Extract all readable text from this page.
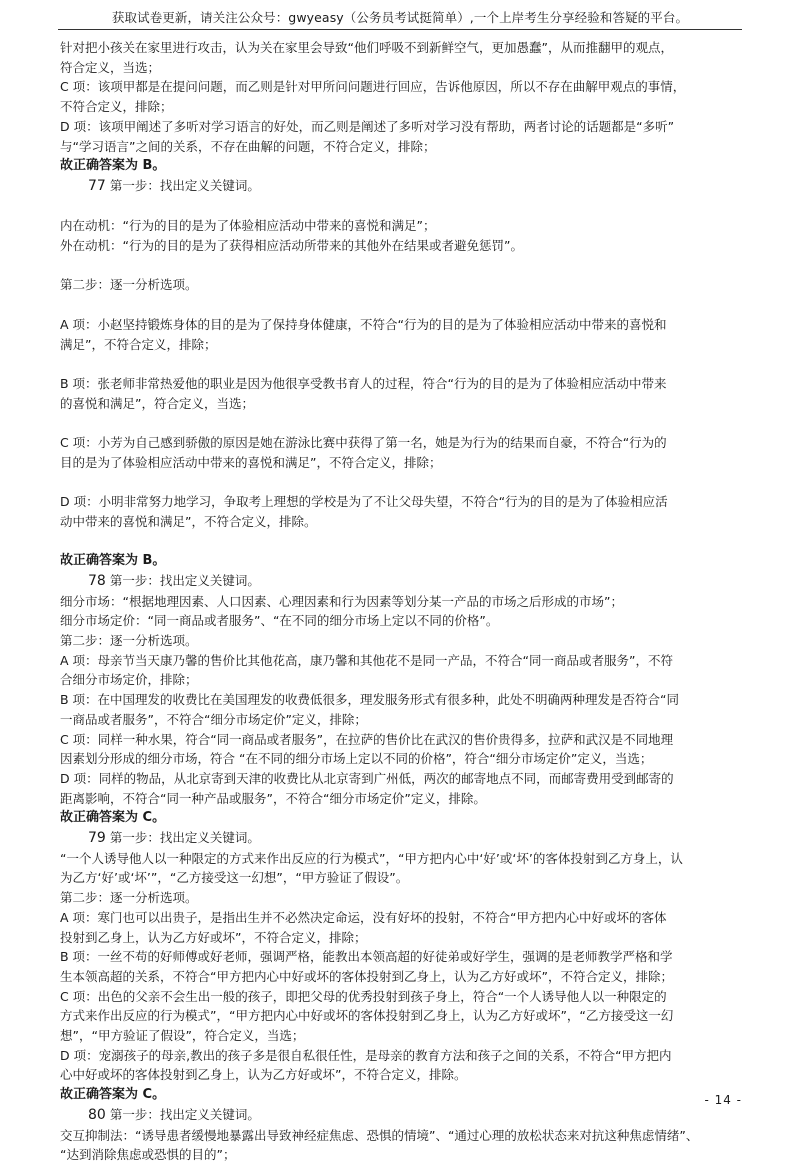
获取试卷更新，请关注公众号：gwyeasy（公务员考试挺简单）,一个上岸考生分享经验和答疑的平台。

针对把小孩关在家里进行攻击，认为关在家里会导致“他们呼吸不到新鲜空气，更加愚蠢”，从而推翻甲的观点，

符合定义，当选；

C 项：该项甲都是在提问问题，而乙则是针对甲所问问题进行回应，告诉他原因，所以不存在曲解甲观点的事情，

不符合定义，排除；

D 项：该项甲阐述了多听对学习语言的好处，而乙则是阐述了多听对学习没有帮助，两者讨论的话题都是“多听”

与“学习语言”之间的关系，不存在曲解的问题，不符合定义，排除；

故正确答案为 B。

77 第一步：找出定义关键词。

内在动机：“行为的目的是为了体验相应活动中带来的喜悦和满足”；

外在动机：“行为的目的是为了获得相应活动所带来的其他外在结果或者避免惩罚”。

第二步：逐一分析选项。

A 项：小赵坚持锻炼身体的目的是为了保持身体健康，不符合“行为的目的是为了体验相应活动中带来的喜悦和

满足”，不符合定义，排除；

B 项：张老师非常热爱他的职业是因为他很享受教书育人的过程，符合“行为的目的是为了体验相应活动中带来

的喜悦和满足”，符合定义，当选；

C 项：小芳为自己感到骄傲的原因是她在游泳比赛中获得了第一名，她是为行为的结果而自豪，不符合“行为的

目的是为了体验相应活动中带来的喜悦和满足”，不符合定义，排除；

D 项：小明非常努力地学习，争取考上理想的学校是为了不让父母失望，不符合“行为的目的是为了体验相应活

动中带来的喜悦和满足”，不符合定义，排除。

故正确答案为 B。

78 第一步：找出定义关键词。

细分市场：“根据地理因素、人口因素、心理因素和行为因素等划分某一产品的市场之后形成的市场”；

细分市场定价：“同一商品或者服务”、“在不同的细分市场上定以不同的价格”。

第二步：逐一分析选项。

A 项：母亲节当天康乃馨的售价比其他花高，康乃馨和其他花不是同一产品，不符合“同一商品或者服务”，不符

合细分市场定价，排除；

B 项：在中国理发的收费比在美国理发的收费低很多，理发服务形式有很多种，此处不明确两种理发是否符合“同

一商品或者服务”，不符合“细分市场定价”定义，排除；

C 项：同样一种水果，符合“同一商品或者服务”，在拉萨的售价比在武汉的售价贵得多，拉萨和武汉是不同地理

因素划分形成的细分市场，符合 “在不同的细分市场上定以不同的价格”，符合“细分市场定价”定义，当选；

D 项：同样的物品，从北京寄到天津的收费比从北京寄到广州低，两次的邮寄地点不同，而邮寄费用受到邮寄的

距离影响，不符合“同一种产品或服务”，不符合“细分市场定价”定义，排除。

故正确答案为 C。

79 第一步：找出定义关键词。

“一个人诱导他人以一种限定的方式来作出反应的行为模式”，“甲方把内心中‘好’或‘坏’的客体投射到乙方身上，认

为乙方‘好’或‘坏’”，“乙方接受这一幻想”，“甲方验证了假设”。

第二步：逐一分析选项。

A 项：寒门也可以出贵子，是指出生并不必然决定命运，没有好坏的投射，不符合“甲方把内心中好或坏的客体

投射到乙身上，认为乙方好或坏”，不符合定义，排除；

B 项：一丝不苟的好师傅或好老师，强调严格，能教出本领高超的好徒弟或好学生，强调的是老师教学严格和学

生本领高超的关系，不符合“甲方把内心中好或坏的客体投射到乙身上，认为乙方好或坏”，不符合定义，排除；

C 项：出色的父亲不会生出一般的孩子，即把父母的优秀投射到孩子身上，符合“一个人诱导他人以一种限定的

方式来作出反应的行为模式”，“甲方把内心中好或坏的客体投射到乙身上，认为乙方好或坏”，“乙方接受这一幻

想”，“甲方验证了假设”，符合定义，当选；

D 项：宠溺孩子的母亲,教出的孩子多是很自私很任性，是母亲的教育方法和孩子之间的关系，不符合“甲方把内

心中好或坏的客体投射到乙身上，认为乙方好或坏”，不符合定义，排除。

故正确答案为 C。

80 第一步：找出定义关键词。

交互抑制法：“诱导患者缓慢地暴露出导致神经症焦虑、恐惧的情境”、“通过心理的放松状态来对抗这种焦虑情绪”、

“达到消除焦虑或恐惧的目的”；

- 14 -
